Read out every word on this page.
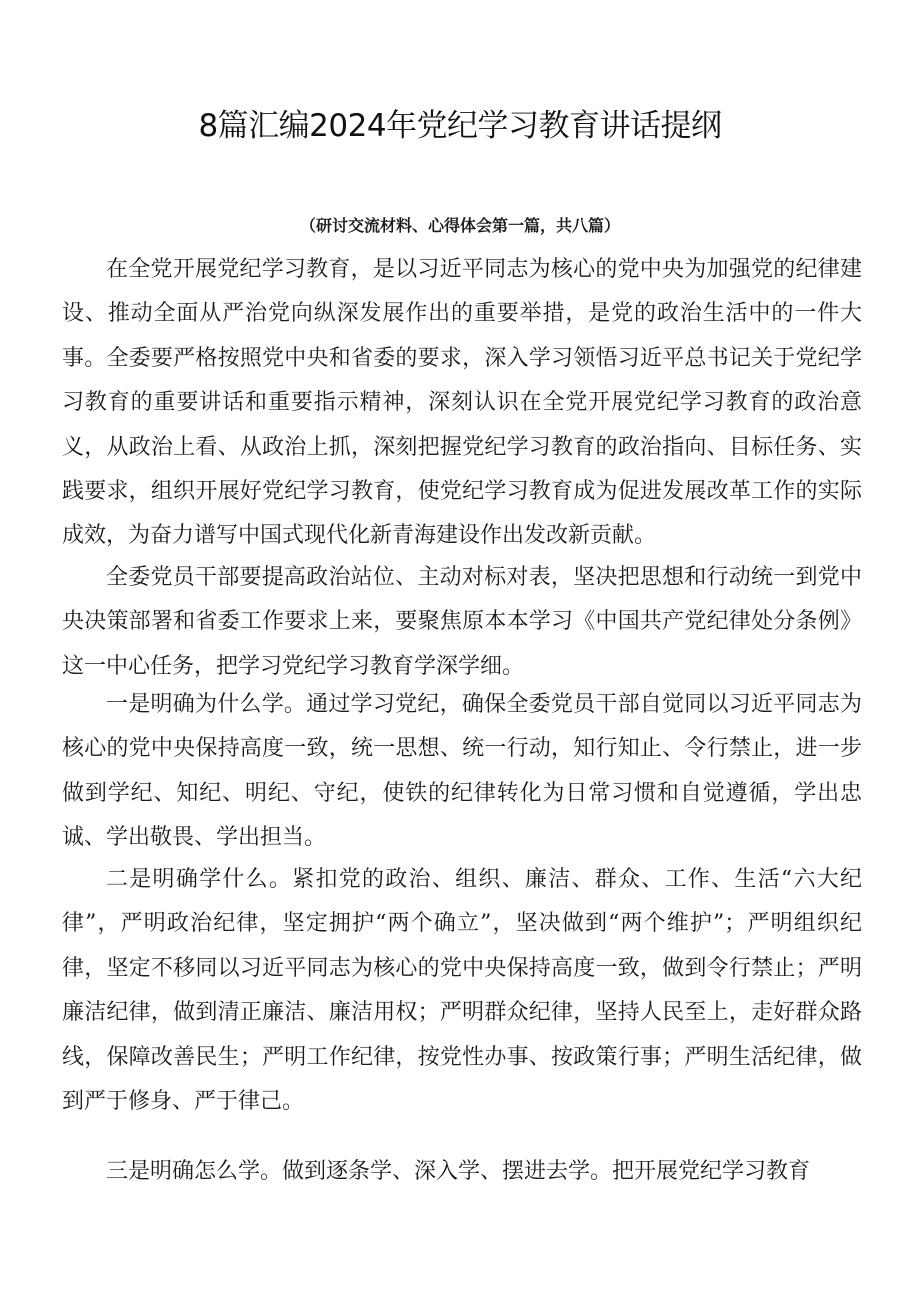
8篇汇编2024年党纪学习教育讲话提纲

（研讨交流材料、心得体会第一篇，共八篇）

在全党开展党纪学习教育，是以习近平同志为核心的党中央为加强党的纪律建设、推动全面从严治党向纵深发展作出的重要举措，是党的政治生活中的一件大事。全委要严格按照党中央和省委的要求，深入学习领悟习近平总书记关于党纪学习教育的重要讲话和重要指示精神，深刻认识在全党开展党纪学习教育的政治意义，从政治上看、从政治上抓，深刻把握党纪学习教育的政治指向、目标任务、实践要求，组织开展好党纪学习教育，使党纪学习教育成为促进发展改革工作的实际成效，为奋力谱写中国式现代化新青海建设作出发改新贡献。

全委党员干部要提高政治站位、主动对标对表，坚决把思想和行动统一到党中央决策部署和省委工作要求上来，要聚焦原本本学习《中国共产党纪律处分条例》这一中心任务，把学习党纪学习教育学深学细。

一是明确为什么学。通过学习党纪，确保全委党员干部自觉同以习近平同志为核心的党中央保持高度一致，统一思想、统一行动，知行知止、令行禁止，进一步做到学纪、知纪、明纪、守纪，使铁的纪律转化为日常习惯和自觉遵循，学出忠诚、学出敬畏、学出担当。

二是明确学什么。紧扣党的政治、组织、廉洁、群众、工作、生活“六大纪律”，严明政治纪律，坚定拥护“两个确立”，坚决做到“两个维护”；严明组织纪律，坚定不移同以习近平同志为核心的党中央保持高度一致，做到令行禁止；严明廉洁纪律，做到清正廉洁、廉洁用权；严明群众纪律，坚持人民至上，走好群众路线，保障改善民生；严明工作纪律，按党性办事、按政策行事；严明生活纪律，做到严于修身、严于律己。

三是明确怎么学。做到逐条学、深入学、摆进去学。把开展党纪学习教育
